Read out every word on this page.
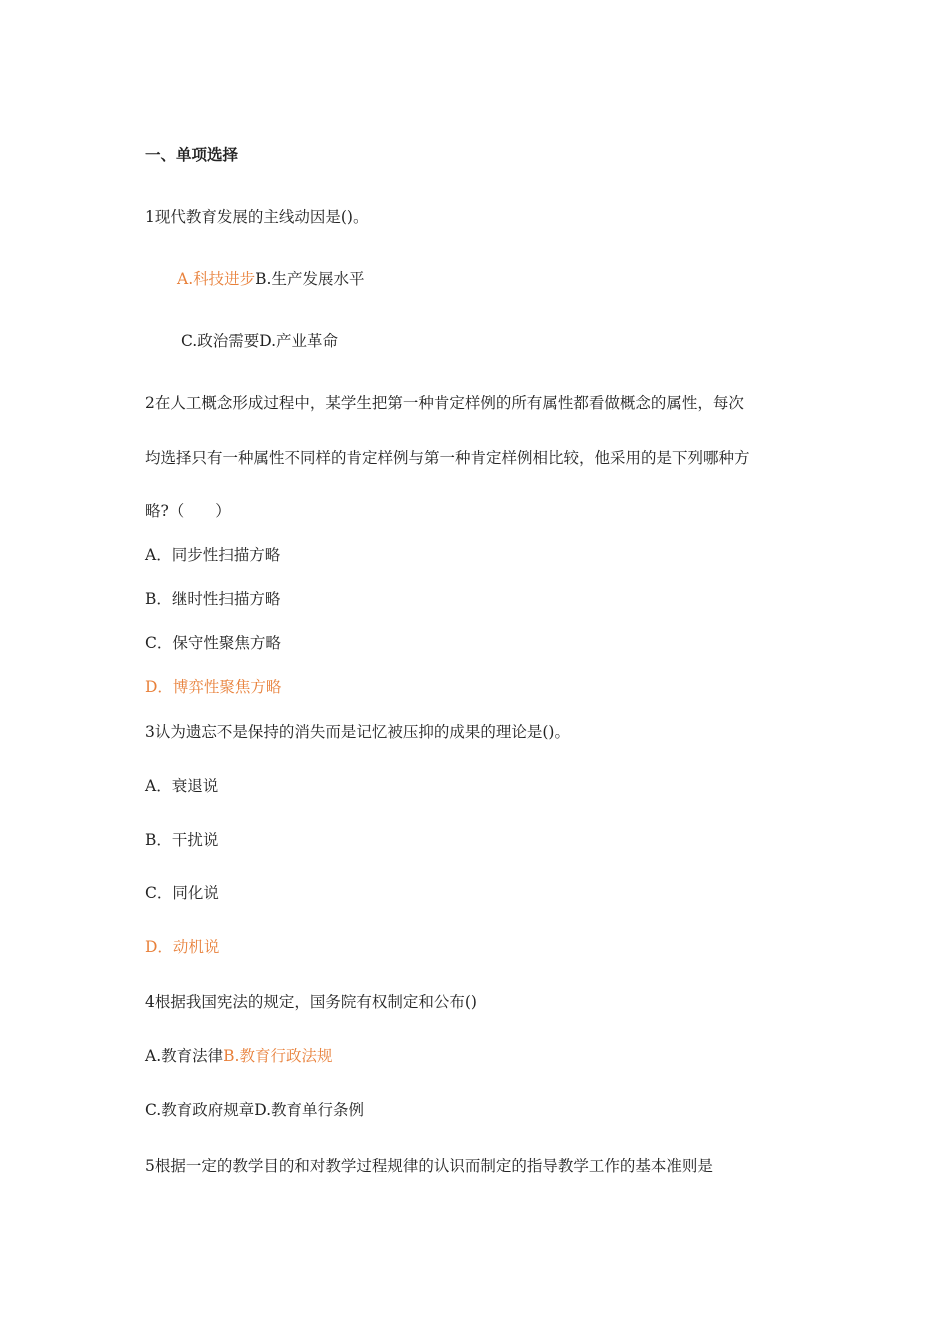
一、单项选择
1现代教育发展的主线动因是()。
A.科技进步B.生产发展水平
C.政治需要D.产业革命
2在人工概念形成过程中，某学生把第一种肯定样例的所有属性都看做概念的属性，每次
均选择只有一种属性不同样的肯定样例与第一种肯定样例相比较，他采用的是下列哪种方
略?（　　）
A．同步性扫描方略
B．继时性扫描方略
C．保守性聚焦方略
D．博弈性聚焦方略
3认为遗忘不是保持的消失而是记忆被压抑的成果的理论是()。
A．衰退说
B．干扰说
C．同化说
D．动机说
4根据我国宪法的规定，国务院有权制定和公布()
A.教育法律B.教育行政法规
C.教育政府规章D.教育单行条例
5根据一定的教学目的和对教学过程规律的认识而制定的指导教学工作的基本准则是
